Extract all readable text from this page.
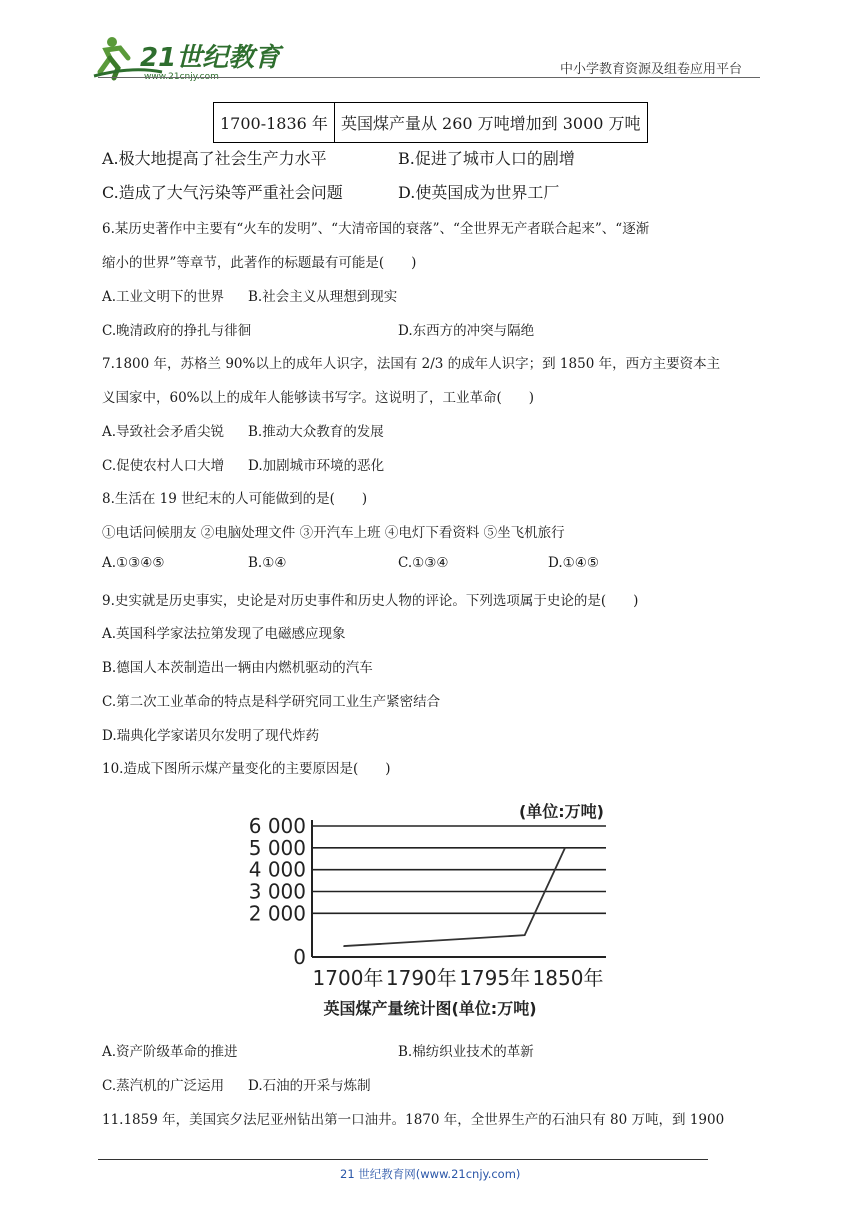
21世纪教育
www.21cnjy.com	中小学教育资源及组卷应用平台
1700-1836 年	英国煤产量从 260 万吨增加到 3000 万吨
A.极大地提高了社会生产力水平	B.促进了城市人口的剧增
C.造成了大气污染等严重社会问题	D.使英国成为世界工厂
6.某历史著作中主要有“火车的发明”、“大清帝国的衰落”、“全世界无产者联合起来”、“逐渐
缩小的世界”等章节，此著作的标题最有可能是(　　)
A.工业文明下的世界 B.社会主义从理想到现实
C.晚清政府的挣扎与徘徊	D.东西方的冲突与隔绝
7.1800 年，苏格兰 90%以上的成年人识字，法国有 2/3 的成年人识字；到 1850 年，西方主要资本主
义国家中，60%以上的成年人能够读书写字。这说明了，工业革命(　　)
A.导致社会矛盾尖锐 B.推动大众教育的发展
C.促使农村人口大增 D.加剧城市环境的恶化
8.生活在 19 世纪末的人可能做到的是(　　)
①电话问候朋友 ②电脑处理文件 ③开汽车上班 ④电灯下看资料 ⑤坐飞机旅行
A.①③④⑤	B.①④	C.①③④	D.①④⑤
9.史实就是历史事实，史论是对历史事件和历史人物的评论。下列选项属于史论的是(　　)
A.英国科学家法拉第发现了电磁感应现象
B.德国人本茨制造出一辆由内燃机驱动的汽车
C.第二次工业革命的特点是科学研究同工业生产紧密结合
D.瑞典化学家诺贝尔发明了现代炸药
10.造成下图所示煤产量变化的主要原因是(　　)
(单位:万吨)
6 000
5 000
4 000
3 000
2 000
0
1700年 1790年 1795年 1850年
英国煤产量统计图(单位:万吨)
A.资产阶级革命的推进	B.棉纺织业技术的革新
C.蒸汽机的广泛运用 D.石油的开采与炼制
11.1859 年，美国宾夕法尼亚州钻出第一口油井。1870 年，全世界生产的石油只有 80 万吨，到 1900
21 世纪教育网(www.21cnjy.com)
